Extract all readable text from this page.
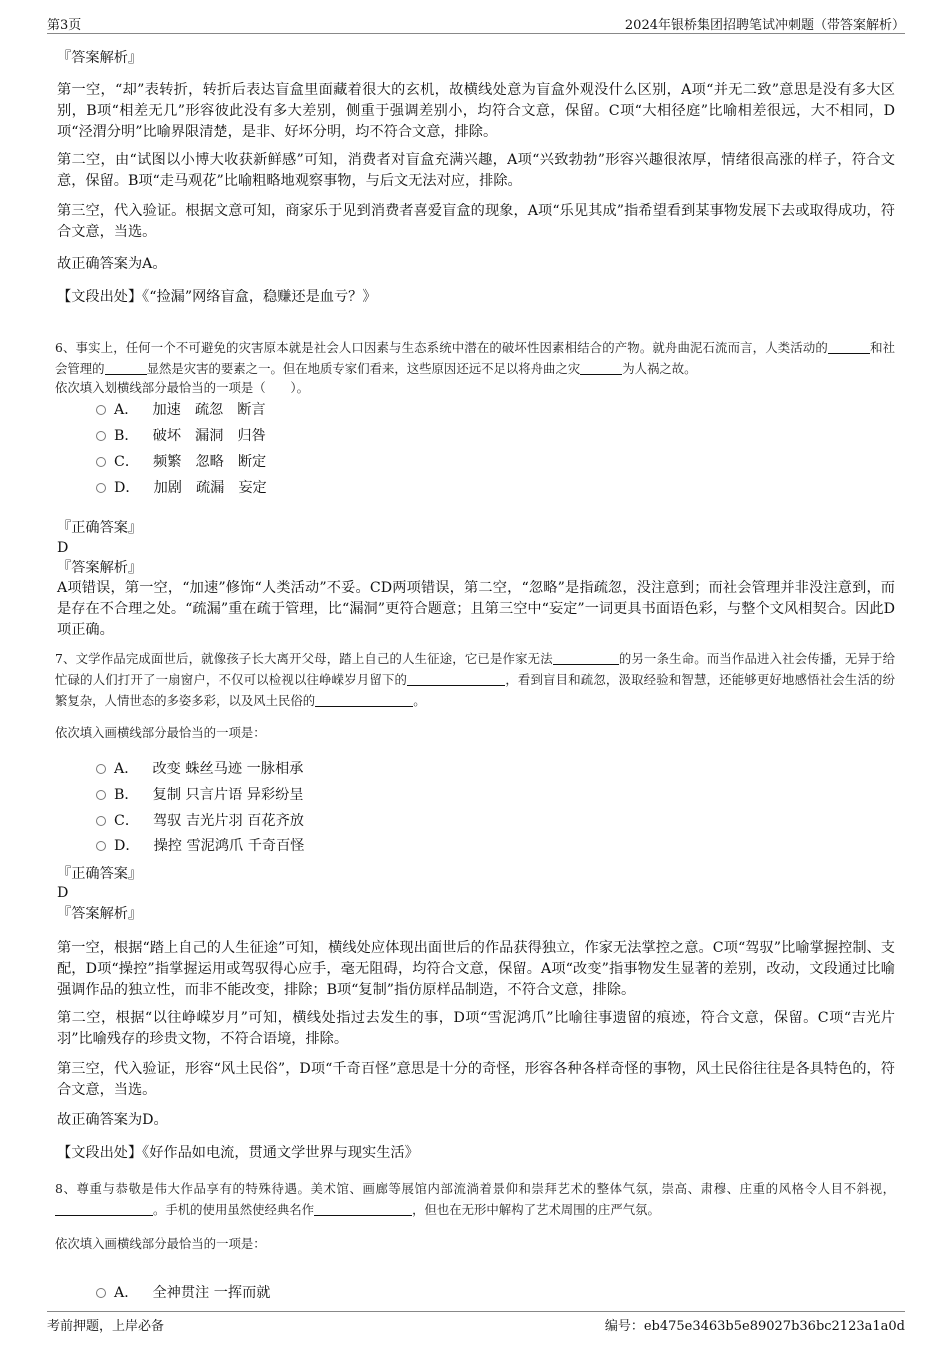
第3页	2024年银桥集团招聘笔试冲刺题（带答案解析）
『答案解析』
第一空，“却”表转折，转折后表达盲盒里面藏着很大的玄机，故横线处意为盲盒外观没什么区别，A项“并无二致”意思是没有多大区别，B项“相差无几”形容彼此没有多大差别，侧重于强调差别小，均符合文意，保留。C项“大相径庭”比喻相差很远，大不相同，D项“泾渭分明”比喻界限清楚，是非、好坏分明，均不符合文意，排除。
第二空，由“试图以小博大收获新鲜感”可知，消费者对盲盒充满兴趣，A项“兴致勃勃”形容兴趣很浓厚，情绪很高涨的样子，符合文意，保留。B项“走马观花”比喻粗略地观察事物，与后文无法对应，排除。
第三空，代入验证。根据文意可知，商家乐于见到消费者喜爱盲盒的现象，A项“乐见其成”指希望看到某事物发展下去或取得成功，符合文意，当选。
故正确答案为A。
【文段出处】《“捡漏”网络盲盒，稳赚还是血亏？》
6、事实上，任何一个不可避免的灾害原本就是社会人口因素与生态系统中潜在的破坏性因素相结合的产物。就舟曲泥石流而言，人类活动的	和社会管理的	显然是灾害的要素之一。但在地质专家们看来，这些原因还远不足以将舟曲之灾	为人祸之故。
依次填入划横线部分最恰当的一项是（　　）。
A． 加速 疏忽 断言
B． 破坏 漏洞 归咎
C． 频繁 忽略 断定
D． 加剧 疏漏 妄定
『正确答案』
D
『答案解析』
A项错误，第一空，“加速”修饰“人类活动”不妥。CD两项错误，第二空，“忽略”是指疏忽，没注意到；而社会管理并非没注意到，而是存在不合理之处。“疏漏”重在疏于管理，比“漏洞”更符合题意；且第三空中“妄定”一词更具书面语色彩，与整个文风相契合。因此D项正确。
7、文学作品完成面世后，就像孩子长大离开父母，踏上自己的人生征途，它已是作家无法	的另一条生命。而当作品进入社会传播，无异于给忙碌的人们打开了一扇窗户，不仅可以检视以往峥嵘岁月留下的	，看到盲目和疏忽，汲取经验和智慧，还能够更好地感悟社会生活的纷繁复杂，人情世态的多姿多彩，以及风土民俗的	。
依次填入画横线部分最恰当的一项是：
A． 改变 蛛丝马迹 一脉相承
B． 复制 只言片语 异彩纷呈
C． 驾驭 吉光片羽 百花齐放
D． 操控 雪泥鸿爪 千奇百怪
『正确答案』
D
『答案解析』
第一空，根据“踏上自己的人生征途”可知，横线处应体现出面世后的作品获得独立，作家无法掌控之意。C项“驾驭”比喻掌握控制、支配，D项“操控”指掌握运用或驾驭得心应手，毫无阻碍，均符合文意，保留。A项“改变”指事物发生显著的差别，改动，文段通过比喻强调作品的独立性，而非不能改变，排除；B项“复制”指仿原样品制造，不符合文意，排除。
第二空，根据“以往峥嵘岁月”可知，横线处指过去发生的事，D项“雪泥鸿爪”比喻往事遗留的痕迹，符合文意，保留。C项“吉光片羽”比喻残存的珍贵文物，不符合语境，排除。
第三空，代入验证，形容“风土民俗”，D项“千奇百怪”意思是十分的奇怪，形容各种各样奇怪的事物，风土民俗往往是各具特色的，符合文意，当选。
故正确答案为D。
【文段出处】《好作品如电流，贯通文学世界与现实生活》
8、尊重与恭敬是伟大作品享有的特殊待遇。美术馆、画廊等展馆内部流淌着景仰和崇拜艺术的整体气氛，崇高、肃穆、庄重的风格令人目不斜视，。手机的使用虽然使经典名作	，但也在无形中解构了艺术周围的庄严气氛。
依次填入画横线部分最恰当的一项是：
A． 全神贯注 一挥而就
考前押题，上岸必备	编号：eb475e3463b5e89027b36bc2123a1a0d
